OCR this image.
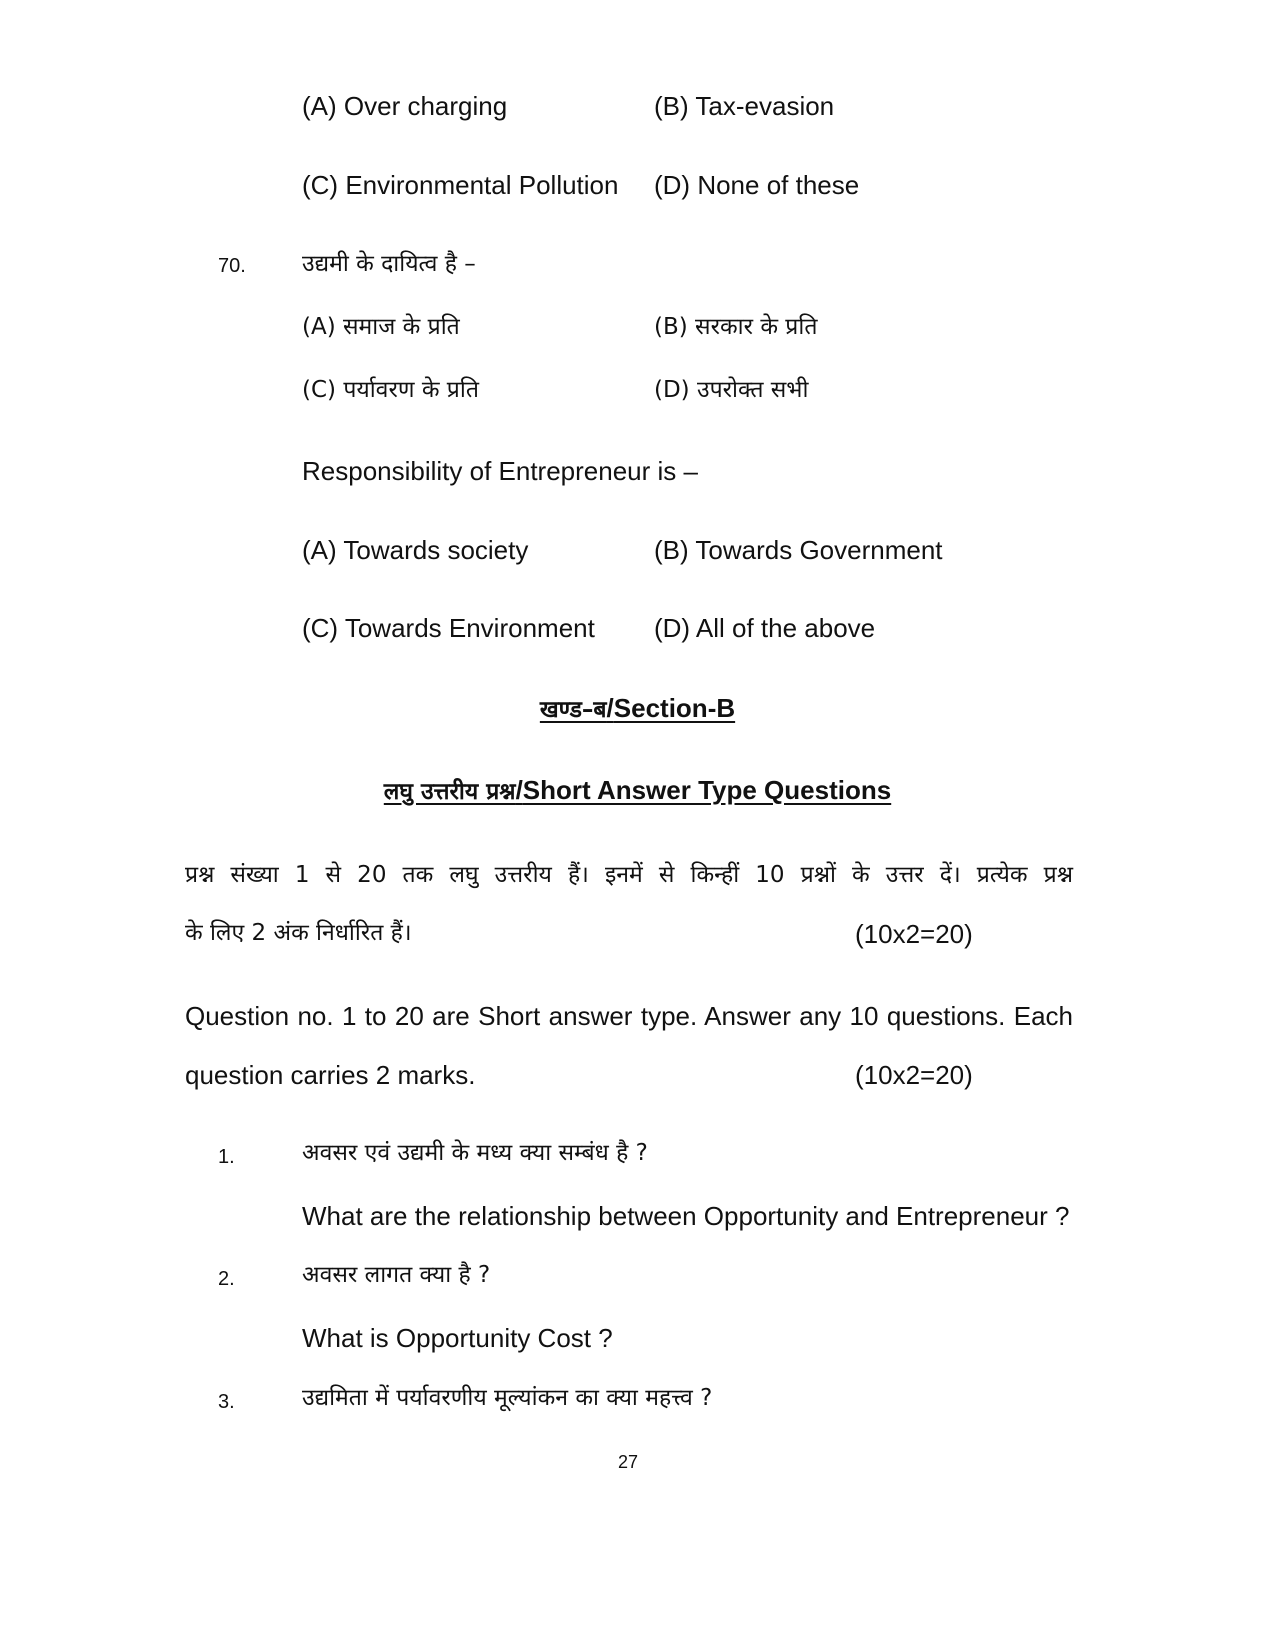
(A) Over charging	(B) Tax-evasion
(C) Environmental Pollution (D) None of these
70. उद्यमी के दायित्व है –
(A) समाज के प्रति	(B) सरकार के प्रति
(C) पर्यावरण के प्रति	(D) उपरोक्त सभी
Responsibility of Entrepreneur is –
(A) Towards society	(B) Towards Government
(C) Towards Environment (D) All of the above
खण्ड–ब/Section-B
लघु उत्तरीय प्रश्न/Short Answer Type Questions
प्रश्न संख्या 1 से 20 तक लघु उत्तरीय हैं। इनमें से किन्हीं 10 प्रश्नों के उत्तर दें। प्रत्येक प्रश्न
के लिए 2 अंक निर्धारित हैं।	(10x2=20)
Question no. 1 to 20 are Short answer type. Answer any 10 questions. Each
question carries 2 marks.	(10x2=20)
1.	अवसर एवं उद्यमी के मध्य क्या सम्बंध है ?
What are the relationship between Opportunity and Entrepreneur ?
2.	अवसर लागत क्या है ?
What is Opportunity Cost ?
3.	उद्यमिता में पर्यावरणीय मूल्यांकन का क्या महत्त्व ?
27
